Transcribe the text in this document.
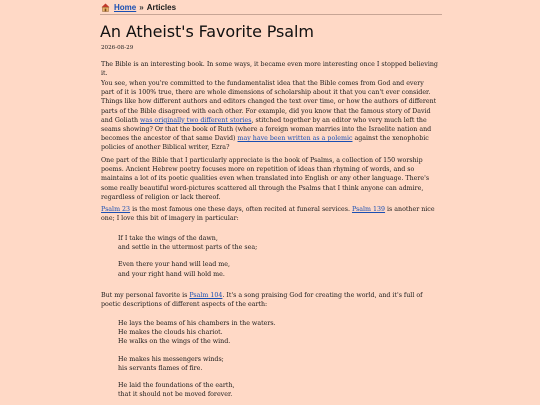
Home » Articles
An Atheist's Favorite Psalm
2026-08-29

The Bible is an interesting book. In some ways, it became even more interesting once I stopped believing it.

You see, when you're committed to the fundamentalist idea that the Bible comes from God and every part of it is 100% true, there are whole dimensions of scholarship about it that you can't ever consider. Things like how different authors and editors changed the text over time, or how the authors of different parts of the Bible disagreed with each other. For example, did you know that the famous story of David and Goliath was originally two different stories, stitched together by an editor who very much left the seams showing? Or that the book of Ruth (where a foreign woman marries into the Israelite nation and becomes the ancestor of that same David) may have been written as a polemic against the xenophobic policies of another Biblical writer, Ezra?

One part of the Bible that I particularly appreciate is the book of Psalms, a collection of 150 worship poems. Ancient Hebrew poetry focuses more on repetition of ideas than rhyming of words, and so maintains a lot of its poetic qualities even when translated into English or any other language. There's some really beautiful word-pictures scattered all through the Psalms that I think anyone can admire, regardless of religion or lack thereof.

Psalm 23 is the most famous one these days, often recited at funeral services. Psalm 139 is another nice one; I love this bit of imagery in particular:

If I take the wings of the dawn,
and settle in the uttermost parts of the sea;
Even there your hand will lead me,
and your right hand will hold me.

But my personal favorite is Psalm 104. It's a song praising God for creating the world, and it's full of poetic descriptions of different aspects of the earth:

He lays the beams of his chambers in the waters.
He makes the clouds his chariot.
He walks on the wings of the wind.
He makes his messengers winds;
his servants flames of fire.
He laid the foundations of the earth,
that it should not be moved forever.
